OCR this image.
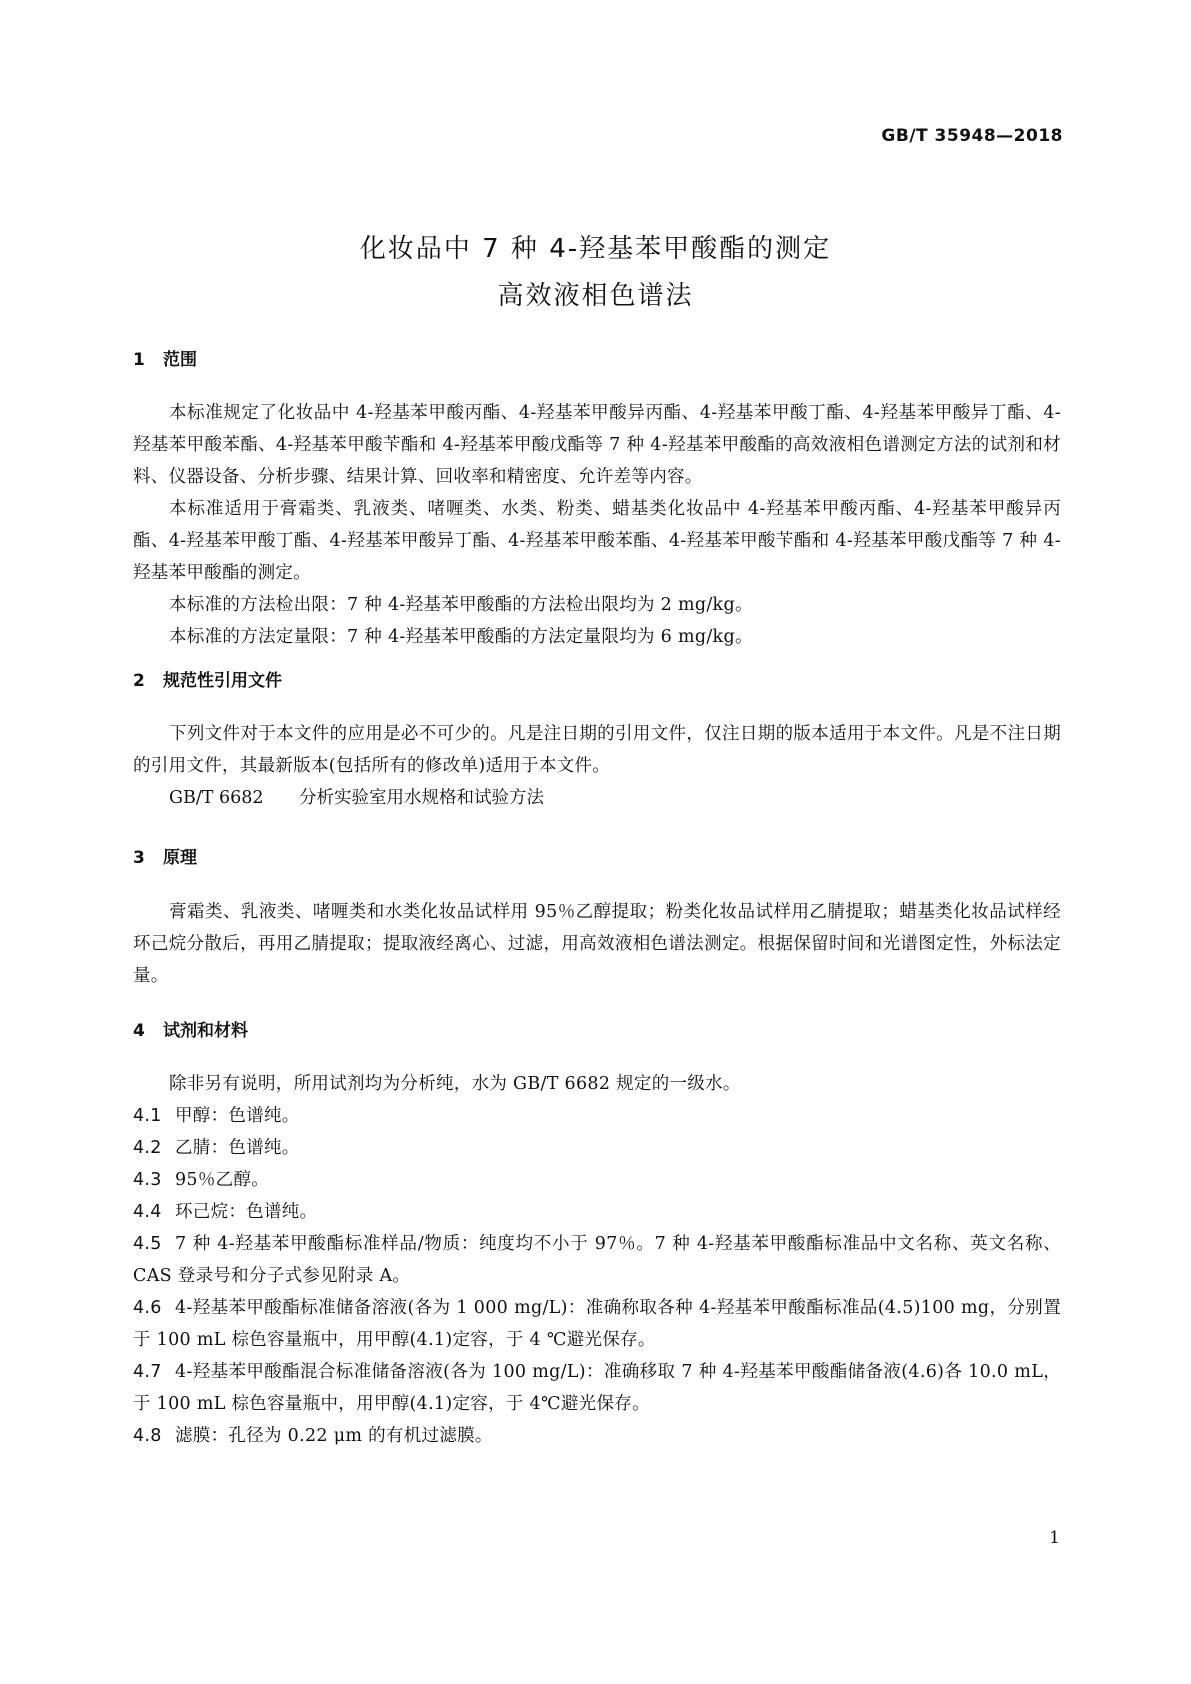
GB/T 35948—2018
化妆品中 7 种 4-羟基苯甲酸酯的测定
高效液相色谱法
1 范围
本标准规定了化妆品中 4-羟基苯甲酸丙酯、4-羟基苯甲酸异丙酯、4-羟基苯甲酸丁酯、4-羟基苯甲酸异丁酯、4-羟基苯甲酸苯酯、4-羟基苯甲酸苄酯和 4-羟基苯甲酸戊酯等 7 种 4-羟基苯甲酸酯的高效液相色谱测定方法的试剂和材料、仪器设备、分析步骤、结果计算、回收率和精密度、允许差等内容。
本标准适用于膏霜类、乳液类、啫喱类、水类、粉类、蜡基类化妆品中 4-羟基苯甲酸丙酯、4-羟基苯甲酸异丙酯、4-羟基苯甲酸丁酯、4-羟基苯甲酸异丁酯、4-羟基苯甲酸苯酯、4-羟基苯甲酸苄酯和 4-羟基苯甲酸戊酯等 7 种 4-羟基苯甲酸酯的测定。
本标准的方法检出限：7 种 4-羟基苯甲酸酯的方法检出限均为 2 mg/kg。
本标准的方法定量限：7 种 4-羟基苯甲酸酯的方法定量限均为 6 mg/kg。
2 规范性引用文件
下列文件对于本文件的应用是必不可少的。凡是注日期的引用文件，仅注日期的版本适用于本文件。凡是不注日期的引用文件，其最新版本(包括所有的修改单)适用于本文件。
GB/T 6682 分析实验室用水规格和试验方法
3 原理
膏霜类、乳液类、啫喱类和水类化妆品试样用 95％乙醇提取；粉类化妆品试样用乙腈提取；蜡基类化妆品试样经环己烷分散后，再用乙腈提取；提取液经离心、过滤，用高效液相色谱法测定。根据保留时间和光谱图定性，外标法定量。
4 试剂和材料
除非另有说明，所用试剂均为分析纯，水为 GB/T 6682 规定的一级水。
4.1 甲醇：色谱纯。
4.2 乙腈：色谱纯。
4.3 95％乙醇。
4.4 环己烷：色谱纯。
4.5 7 种 4-羟基苯甲酸酯标准样品/物质：纯度均不小于 97％。7 种 4-羟基苯甲酸酯标准品中文名称、英文名称、CAS 登录号和分子式参见附录 A。
4.6 4-羟基苯甲酸酯标准储备溶液(各为 1 000 mg/L)：准确称取各种 4-羟基苯甲酸酯标准品(4.5)100 mg，分别置于 100 mL 棕色容量瓶中，用甲醇(4.1)定容，于 4 ℃避光保存。
4.7 4-羟基苯甲酸酯混合标准储备溶液(各为 100 mg/L)：准确移取 7 种 4-羟基苯甲酸酯储备液(4.6)各 10.0 mL，于 100 mL 棕色容量瓶中，用甲醇(4.1)定容，于 4℃避光保存。
4.8 滤膜：孔径为 0.22 μm 的有机过滤膜。
1
